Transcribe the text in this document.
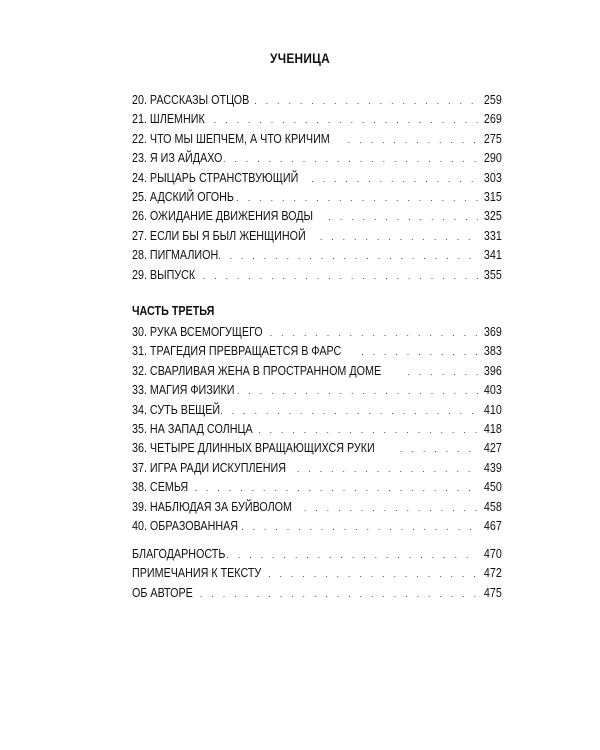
УЧЕНИЦА
20. РАССКАЗЫ ОТЦОВ . . .	259
21. ШЛЕМНИК . . .	269
22. ЧТО МЫ ШЕПЧЕМ, А ЧТО КРИЧИМ . . .	275
23. Я ИЗ АЙДАХО . . .	290
24. РЫЦАРЬ СТРАНСТВУЮЩИЙ . . .	303
25. АДСКИЙ ОГОНЬ . . .	315
26. ОЖИДАНИЕ ДВИЖЕНИЯ ВОДЫ . . .	325
27. ЕСЛИ БЫ Я БЫЛ ЖЕНЩИНОЙ . . .	331
28. ПИГМАЛИОН . . .	341
29. ВЫПУСК . . .	355
ЧАСТЬ ТРЕТЬЯ
30. РУКА ВСЕМОГУЩЕГО . . .	369
31. ТРАГЕДИЯ ПРЕВРАЩАЕТСЯ В ФАРС . . .	383
32. СВАРЛИВАЯ ЖЕНА В ПРОСТРАННОМ ДОМЕ . . .	396
33. МАГИЯ ФИЗИКИ . . .	403
34. СУТЬ ВЕЩЕЙ . . .	410
35. НА ЗАПАД СОЛНЦА . . .	418
36. ЧЕТЫРЕ ДЛИННЫХ ВРАЩАЮЩИХСЯ РУКИ . . .	427
37. ИГРА РАДИ ИСКУПЛЕНИЯ . . .	439
38. СЕМЬЯ . . .	450
39. НАБЛЮДАЯ ЗА БУЙВОЛОМ . . .	458
40. ОБРАЗОВАННАЯ . . .	467
БЛАГОДАРНОСТЬ . . .	470
ПРИМЕЧАНИЯ К ТЕКСТУ . . .	472
ОБ АВТОРЕ . . .	475
